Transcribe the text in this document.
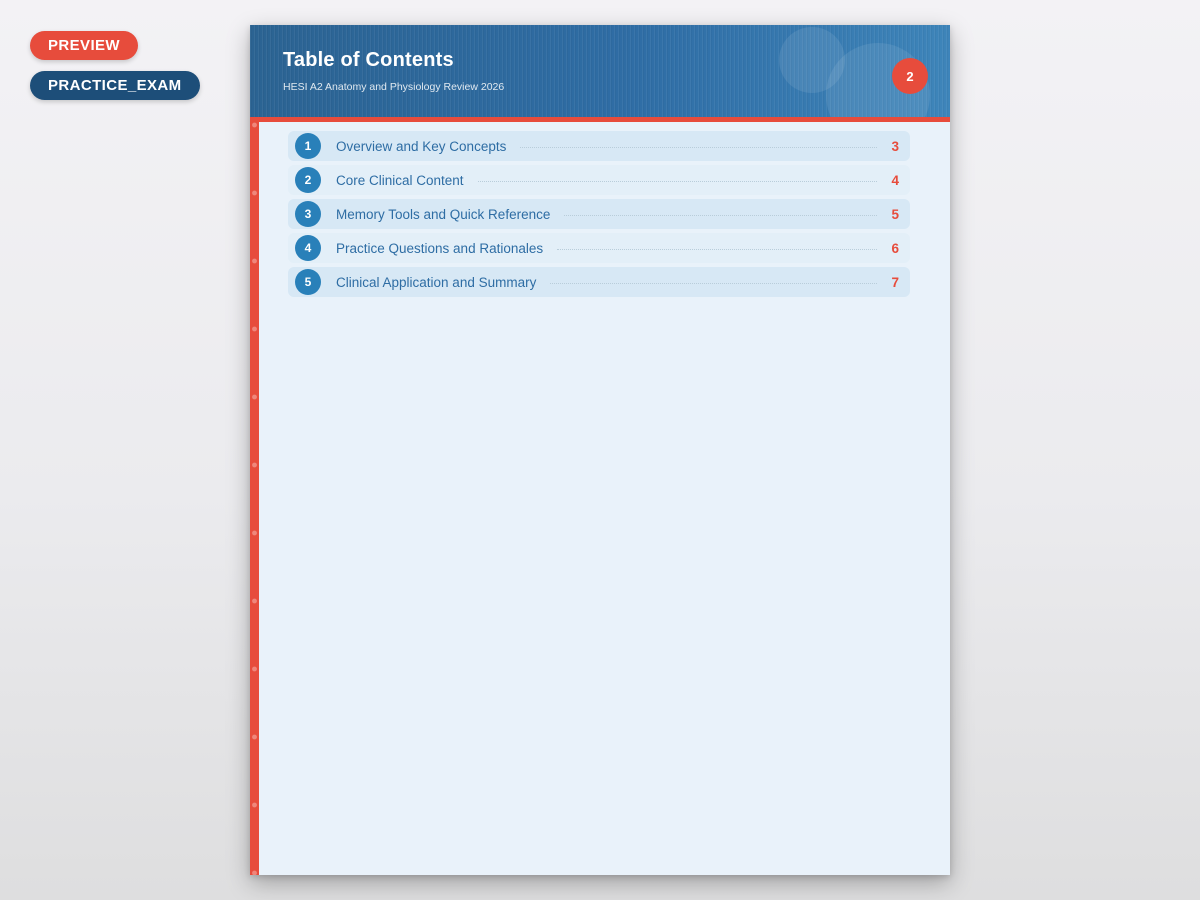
PREVIEW
PRACTICE_EXAM
Table of Contents
HESI A2 Anatomy and Physiology Review 2026
2
1 Overview and Key Concepts	3
2 Core Clinical Content	4
3 Memory Tools and Quick Reference	5
4 Practice Questions and Rationales	6
5 Clinical Application and Summary	7
